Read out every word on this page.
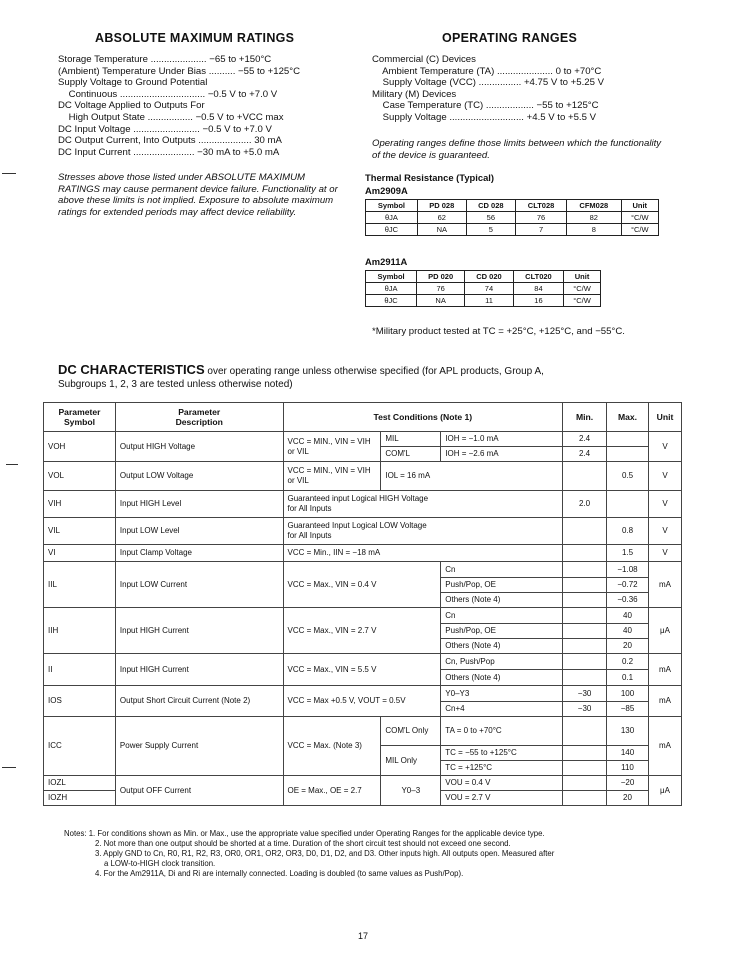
ABSOLUTE MAXIMUM RATINGS
Storage Temperature ..................... −65 to +150°C
(Ambient) Temperature Under Bias .......... −55 to +125°C
Supply Voltage to Ground Potential
Continuous ................................ −0.5 V to +7.0 V
DC Voltage Applied to Outputs For
High Output State ................. −0.5 V to +VCC max
DC Input Voltage ......................... −0.5 V to +7.0 V
DC Output Current, Into Outputs .................... 30 mA
DC Input Current ....................... −30 mA to +5.0 mA
Stresses above those listed under ABSOLUTE MAXIMUM RATINGS may cause permanent device failure. Functionality at or above these limits is not implied. Exposure to absolute maximum ratings for extended periods may affect device reliability.
OPERATING RANGES
Commercial (C) Devices
Ambient Temperature (TA) ..................... 0 to +70°C
Supply Voltage (VCC) ................ +4.75 V to +5.25 V
Military (M) Devices
Case Temperature (TC) .................. −55 to +125°C
Supply Voltage ............................ +4.5 V to +5.5 V
Operating ranges define those limits between which the functionality of the device is guaranteed.
Thermal Resistance (Typical)
Am2909A
Symbol	PD 028	CD 028	CLT028	CFM028	Unit
θJA	62	56	76	82	°C/W
θJC	NA	5	7	8	°C/W
Am2911A
Symbol	PD 020	CD 020	CLT020	Unit
θJA	76	74	84	°C/W
θJC	NA	11	16	°C/W
*Military product tested at TC = +25°C, +125°C, and −55°C.
DC CHARACTERISTICS over operating range unless otherwise specified (for APL products, Group A,
Subgroups 1, 2, 3 are tested unless otherwise noted)
Parameter
Symbol	Parameter
Description	Test Conditions (Note 1)			Min.	Max.	Unit
VOH	Output HIGH Voltage	VCC = MIN., VIN = VIH or VIL	MIL	IOH = −1.0 mA	2.4		V
			COM'L	IOH = −2.6 mA	2.4		
VOL	Output LOW Voltage	VCC = MIN., VIN = VIH or VIL	IOL = 16 mA			0.5	V
VIH	Input HIGH Level	Guaranteed input Logical HIGH Voltage for All Inputs			2.0		V
VIL	Input LOW Level	Guaranteed Input Logical LOW Voltage for All Inputs				0.8	V
VI	Input Clamp Voltage	VCC = Min., IIN = −18 mA				1.5	V
IIL	Input LOW Current	VCC = Max., VIN = 0.4 V		Cn		−1.08	mA
				Push/Pop, OE		−0.72	
				Others (Note 4)		−0.36	
IIH	Input HIGH Current	VCC = Max., VIN = 2.7 V		Cn		40	μA
				Push/Pop, OE		40	
				Others (Note 4)		20	
II	Input HIGH Current	VCC = Max., VIN = 5.5 V		Cn, Push/Pop		0.2	mA
				Others (Note 4)		0.1	
IOS	Output Short Circuit Current (Note 2)	VCC = Max +0.5 V, VOUT = 0.5V		Y0–Y3	−30	100	mA
				Cn+4	−30	−85	
ICC	Power Supply Current	VCC = Max. (Note 3)	COM'L Only	TA = 0 to +70°C		130	mA
			MIL Only	TC = −55 to +125°C		140	
				TC = +125°C		110	
IOZL	Output OFF Current	OE = Max., OE = 2.7	Y0–3	VOU = 0.4 V		−20	μA
IOZH				VOU = 2.7 V		20	
Notes: 1. For conditions shown as Min. or Max., use the appropriate value specified under Operating Ranges for the applicable device type.
2. Not more than one output should be shorted at a time. Duration of the short circuit test should not exceed one second.
3. Apply GND to Cn, R0, R1, R2, R3, OR0, OR1, OR2, OR3, D0, D1, D2, and D3. Other inputs high. All outputs open. Measured after
a LOW-to-HIGH clock transition.
4. For the Am2911A, Di and Ri are internally connected. Loading is doubled (to same values as Push/Pop).
17
